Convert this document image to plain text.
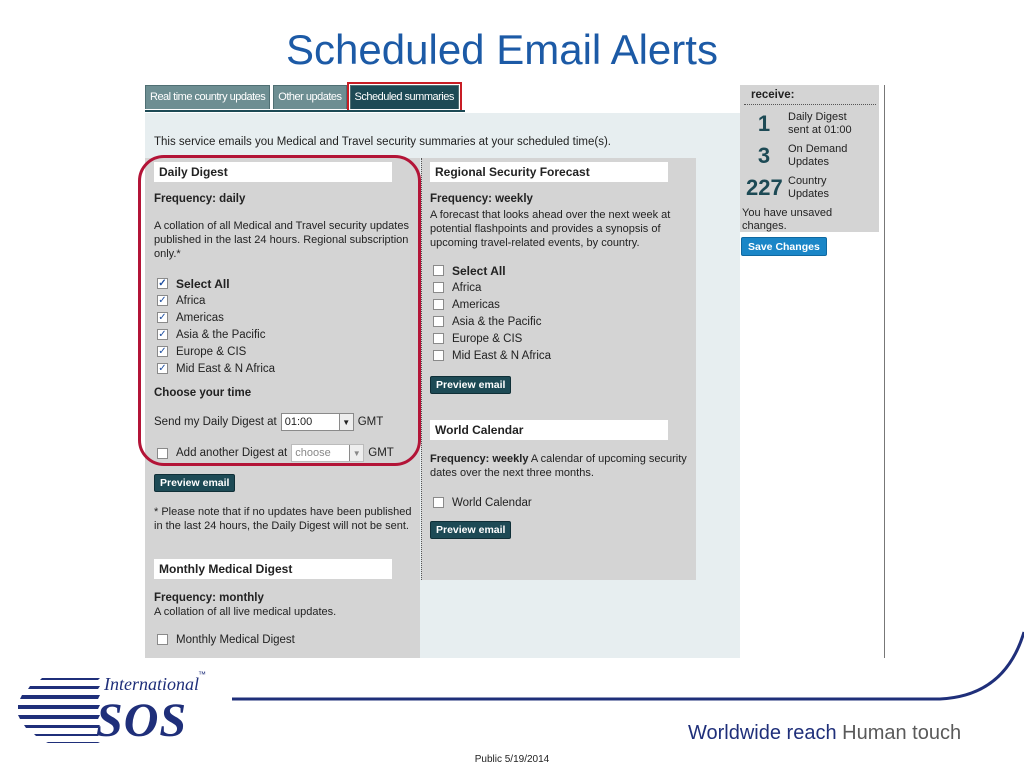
Scheduled Email Alerts
Real time country updates	Other updates	Scheduled summaries
This service emails you Medical and Travel security summaries at your scheduled time(s).
Daily Digest
Frequency: daily
A collation of all Medical and Travel security updates published in the last 24 hours. Regional subscription only.*
✓ Select All
✓ Africa
✓ Americas
✓ Asia & the Pacific
✓ Europe & CIS
✓ Mid East & N Africa
Choose your time
Send my Daily Digest at 01:00	▼ GMT
Add another Digest at choose	▼ GMT
Preview email
* Please note that if no updates have been published in the last 24 hours, the Daily Digest will not be sent.
Monthly Medical Digest
Frequency: monthly
A collation of all live medical updates.
Monthly Medical Digest
Regional Security Forecast
Frequency: weekly
A forecast that looks ahead over the next week at potential flashpoints and provides a synopsis of upcoming travel-related events, by country.
Select All
Africa
Americas
Asia & the Pacific
Europe & CIS
Mid East & N Africa
Preview email
World Calendar
Frequency: weekly A calendar of upcoming security dates over the next three months.
World Calendar
Preview email
receive:
1	Daily Digest sent at 01:00
3	On Demand Updates
227 Country Updates
You have unsaved changes.
Save Changes
International ™
SOS	Worldwide reach Human touch
Public 5/19/2014
